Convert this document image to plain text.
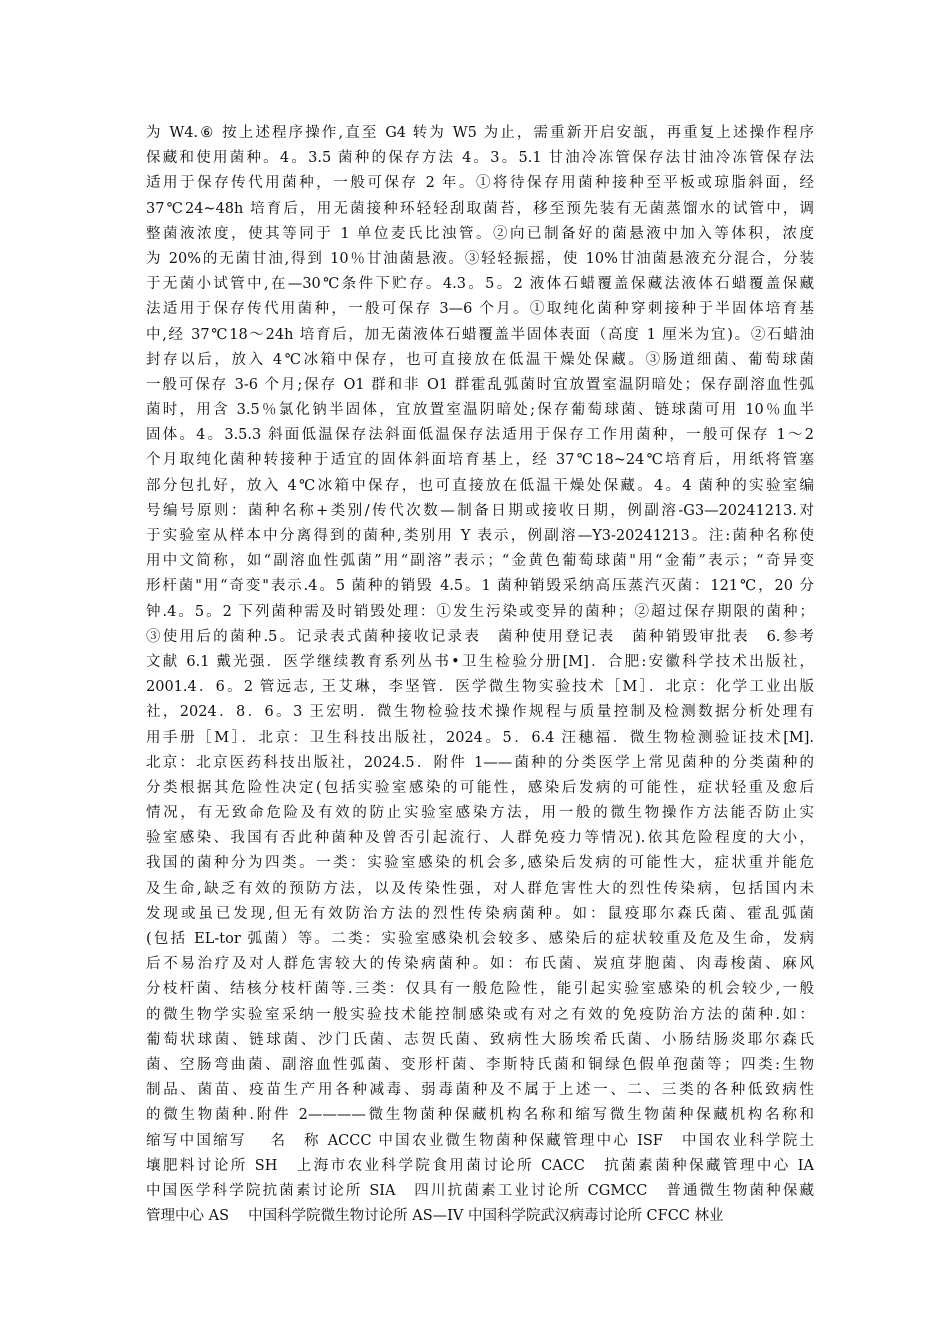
为 W4.⑥ 按上述程序操作,直至 G4 转为 W5 为止，需重新开启安瓿，再重复上述操作程序
保藏和使用菌种。4。3.5 菌种的保存方法 4。3。5.1 甘油冷冻管保存法甘油冷冻管保存法
适用于保存传代用菌种，一般可保存 2 年。①将待保存用菌种接种至平板或琼脂斜面，经
37℃24~48h 培育后，用无菌接种环轻轻刮取菌苔，移至预先装有无菌蒸馏水的试管中，调
整菌液浓度，使其等同于 1 单位麦氏比浊管。②向已制备好的菌悬液中加入等体积，浓度
为 20%的无菌甘油,得到 10％甘油菌悬液。③轻轻振摇，使 10%甘油菌悬液充分混合，分装
于无菌小试管中,在—30℃条件下贮存。4.3。5。2 液体石蜡覆盖保藏法液体石蜡覆盖保藏
法适用于保存传代用菌种，一般可保存 3—6 个月。①取纯化菌种穿刺接种于半固体培育基
中,经 37℃18～24h 培育后，加无菌液体石蜡覆盖半固体表面（高度 1 厘米为宜)。②石蜡油
封存以后，放入 4℃冰箱中保存，也可直接放在低温干燥处保藏。③肠道细菌、葡萄球菌
一般可保存 3-6 个月;保存 O1 群和非 O1 群霍乱弧菌时宜放置室温阴暗处；保存副溶血性弧
菌时，用含 3.5％氯化钠半固体，宜放置室温阴暗处;保存葡萄球菌、链球菌可用 10％血半
固体。4。3.5.3 斜面低温保存法斜面低温保存法适用于保存工作用菌种，一般可保存 1～2
个月取纯化菌种转接种于适宜的固体斜面培育基上，经 37℃18~24℃培育后，用纸将管塞
部分包扎好，放入 4℃冰箱中保存，也可直接放在低温干燥处保藏。4。4 菌种的实验室编
号编号原则：菌种名称+类别/传代次数—制备日期或接收日期，例副溶-G3—20241213.对
于实验室从样本中分离得到的菌种,类别用 Y 表示，例副溶—Y3-20241213。注:菌种名称使
用中文简称，如“副溶血性弧菌”用“副溶”表示；“金黄色葡萄球菌"用“金葡”表示；“奇异变
形杆菌"用“奇变"表示.4。5 菌种的销毁 4.5。1 菌种销毁采纳高压蒸汽灭菌：121℃，20 分
钟.4。5。2 下列菌种需及时销毁处理：①发生污染或变异的菌种；②超过保存期限的菌种；
③使用后的菌种.5。记录表式菌种接收记录表　菌种使用登记表　菌种销毁审批表　6.参考
文献 6.1 戴光强．医学继续教育系列丛书•卫生检验分册[M]．合肥:安徽科学技术出版社，
2001.4．6。2 管远志, 王艾琳，李坚管．医学微生物实验技术［M］．北京：化学工业出版
社，2024．8．6。3 王宏明．微生物检验技术操作规程与质量控制及检测数据分析处理有
用手册［M］．北京：卫生科技出版社，2024。5．6.4 汪穗福．微生物检测验证技术[M].
北京：北京医药科技出版社，2024.5．附件 1——菌种的分类医学上常见菌种的分类菌种的
分类根据其危险性决定(包括实验室感染的可能性，感染后发病的可能性，症状轻重及愈后
情况，有无致命危险及有效的防止实验室感染方法，用一般的微生物操作方法能否防止实
验室感染、我国有否此种菌种及曾否引起流行、人群免疫力等情况).依其危险程度的大小，
我国的菌种分为四类。一类：实验室感染的机会多,感染后发病的可能性大，症状重并能危
及生命,缺乏有效的预防方法，以及传染性强，对人群危害性大的烈性传染病，包括国内未
发现或虽已发现,但无有效防治方法的烈性传染病菌种。如：鼠疫耶尔森氏菌、霍乱弧菌
(包括 EL-tor 弧菌）等。二类：实验室感染机会较多、感染后的症状较重及危及生命，发病
后不易治疗及对人群危害较大的传染病菌种。如：布氏菌、炭疽芽胞菌、肉毒梭菌、麻风
分枝杆菌、结核分枝杆菌等.三类：仅具有一般危险性，能引起实验室感染的机会较少,一般
的微生物学实验室采纳一般实验技术能控制感染或有对之有效的免疫防治方法的菌种.如：
葡萄状球菌、链球菌、沙门氏菌、志贺氏菌、致病性大肠埃希氏菌、小肠结肠炎耶尔森氏
菌、空肠弯曲菌、副溶血性弧菌、变形杆菌、李斯特氏菌和铜绿色假单孢菌等；四类:生物
制品、菌苗、疫苗生产用各种减毒、弱毒菌种及不属于上述一、二、三类的各种低致病性
的微生物菌种.附件 2————微生物菌种保藏机构名称和缩写微生物菌种保藏机构名称和
缩写中国缩写　 名　称 ACCC 中国农业微生物菌种保藏管理中心 ISF　中国农业科学院土
壤肥料讨论所 SH　上海市农业科学院食用菌讨论所 CACC　抗菌素菌种保藏管理中心 IA
中国医学科学院抗菌素讨论所 SIA　四川抗菌素工业讨论所 CGMCC　普通微生物菌种保藏
管理中心 AS　 中国科学院微生物讨论所 AS—IV 中国科学院武汉病毒讨论所 CFCC 林业
